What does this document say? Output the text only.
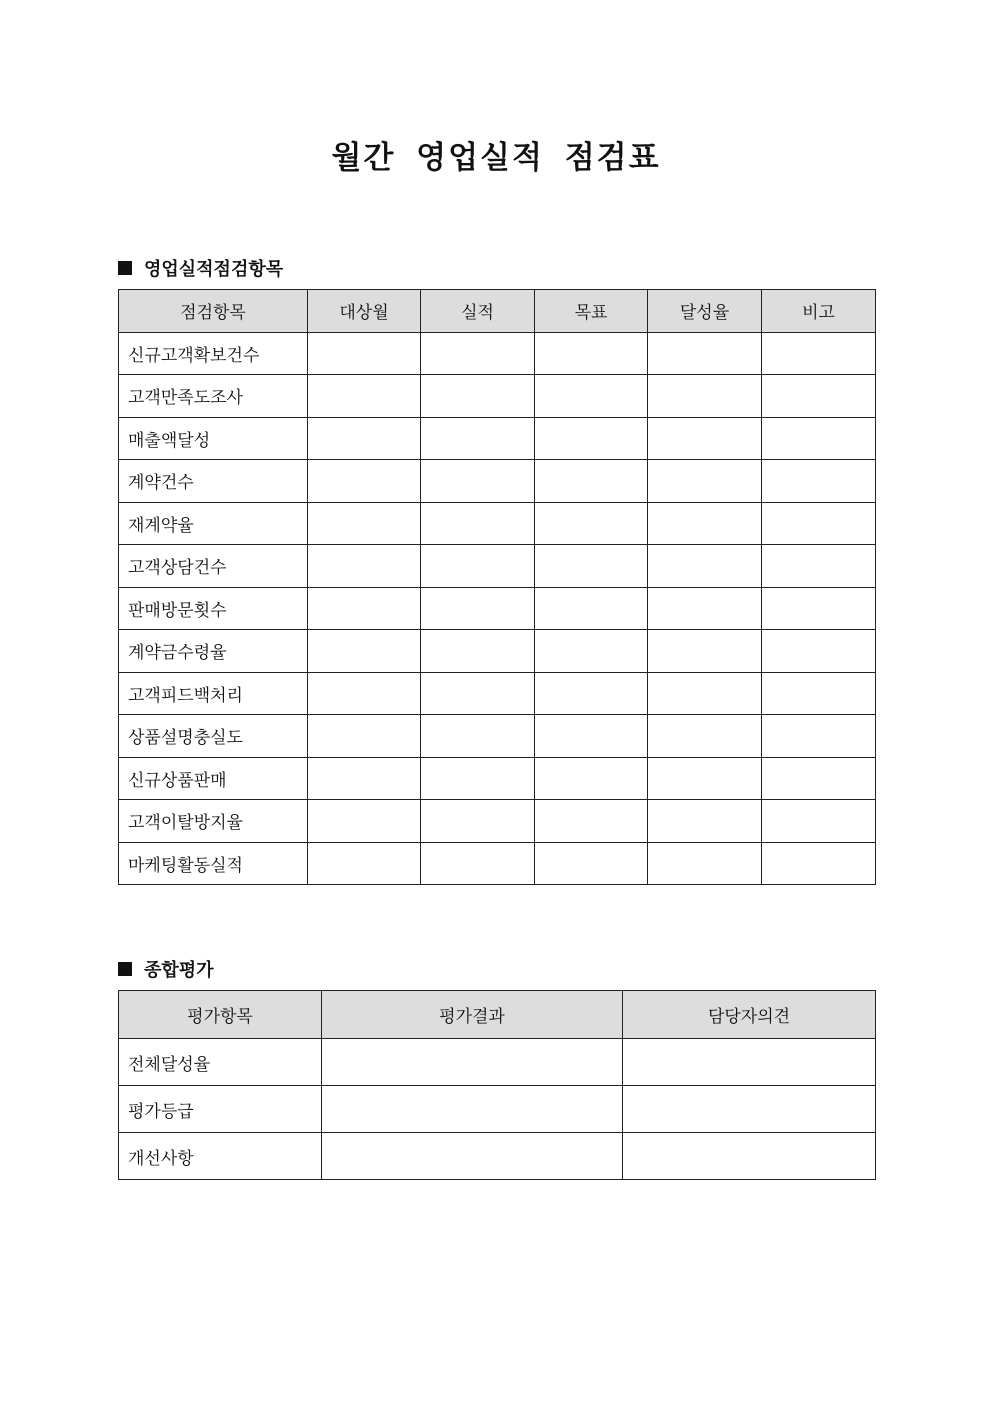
월간 영업실적 점검표
영업실적점검항목
점검항목	대상월	실적	목표	달성율	비고
신규고객확보건수					
고객만족도조사					
매출액달성					
계약건수					
재계약율					
고객상담건수					
판매방문횟수					
계약금수령율					
고객피드백처리					
상품설명충실도					
신규상품판매					
고객이탈방지율					
마케팅활동실적					
종합평가
평가항목	평가결과	담당자의견
전체달성율		
평가등급		
개선사항		
